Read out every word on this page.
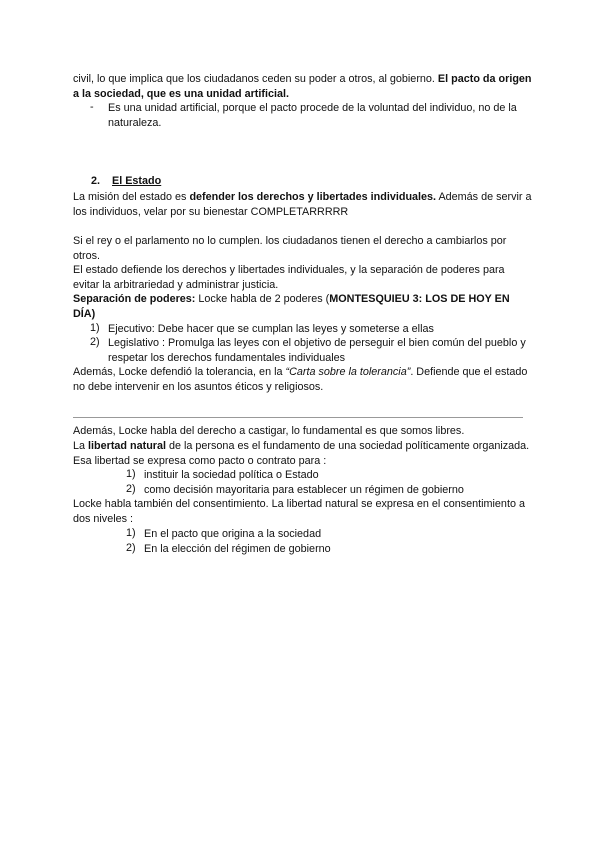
civil, lo que implica que los ciudadanos ceden su poder a otros, al gobierno. El pacto da origen a la sociedad, que es una unidad artificial.

- Es una unidad artificial, porque el pacto procede de la voluntad del individuo, no de la naturaleza.

2. El Estado

La misión del estado es defender los derechos y libertades individuales. Además de servir a los individuos, velar por su bienestar COMPLETARRRRR

Si el rey o el parlamento no lo cumplen. los ciudadanos tienen el derecho a cambiarlos por otros.

El estado defiende los derechos y libertades individuales, y la separación de poderes para evitar la arbitrariedad y administrar justicia.

Separación de poderes: Locke habla de 2 poderes (MONTESQUIEU 3: LOS DE HOY EN DÍA)

1) Ejecutivo: Debe hacer que se cumplan las leyes y someterse a ellas

2) Legislativo : Promulga las leyes con el objetivo de perseguir el bien común del pueblo y respetar los derechos fundamentales individuales

Además, Locke defendió la tolerancia, en la “Carta sobre la tolerancia”. Defiende que el estado no debe intervenir en los asuntos éticos y religiosos.

Además, Locke habla del derecho a castigar, lo fundamental es que somos libres.

La libertad natural de la persona es el fundamento de una sociedad políticamente organizada. Esa libertad se expresa como pacto o contrato para :

1) instituir la sociedad política o Estado

2) como decisión mayoritaria para establecer un régimen de gobierno

Locke habla también del consentimiento. La libertad natural se expresa en el consentimiento a dos niveles :

1) En el pacto que origina a la sociedad

2) En la elección del régimen de gobierno
